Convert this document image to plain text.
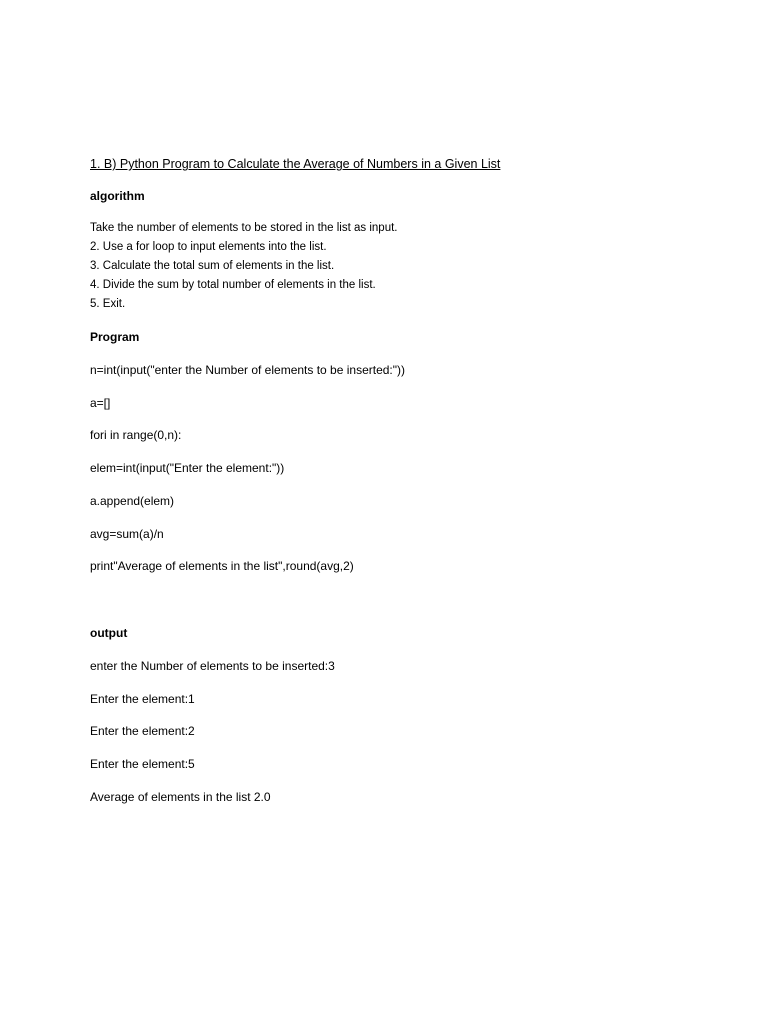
1. B) Python Program to Calculate the Average of Numbers in a Given List
algorithm
Take the number of elements to be stored in the list as input.
2. Use a for loop to input elements into the list.
3. Calculate the total sum of elements in the list.
4. Divide the sum by total number of elements in the list.
5. Exit.
Program
n=int(input("enter the Number of elements to be inserted:"))
a=[]
fori in range(0,n):
elem=int(input("Enter the element:"))
a.append(elem)
avg=sum(a)/n
print"Average of elements in the list",round(avg,2)
output
enter the Number of elements to be inserted:3
Enter the element:1
Enter the element:2
Enter the element:5
Average of elements in the list 2.0
